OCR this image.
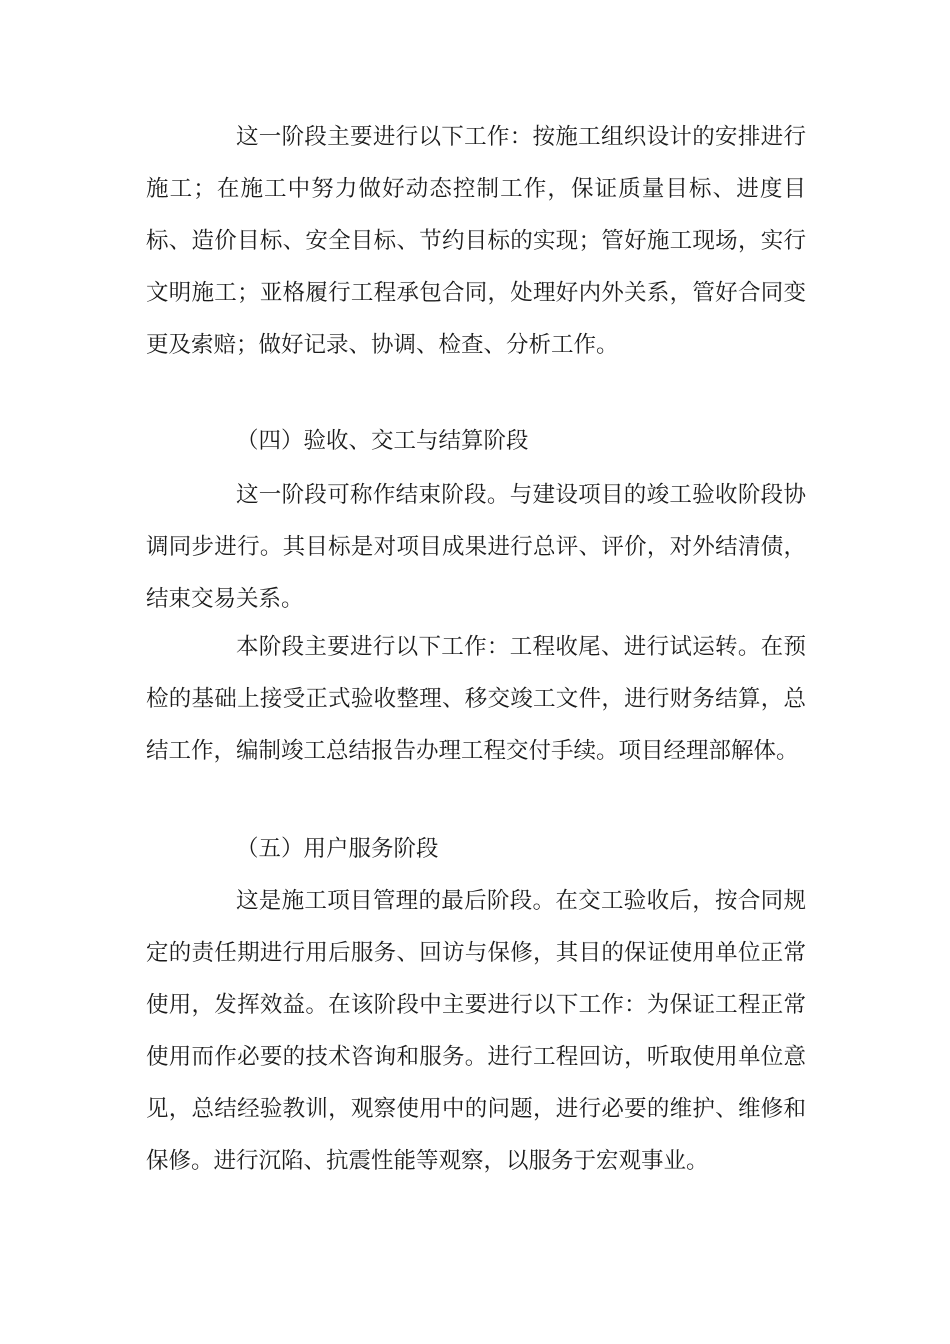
这一阶段主要进行以下工作：按施工组织设计的安排进行
施工；在施工中努力做好动态控制工作，保证质量目标、进度目
标、造价目标、安全目标、节约目标的实现；管好施工现场，实行
文明施工；亚格履行工程承包合同，处理好内外关系，管好合同变
更及索赔；做好记录、协调、检查、分析工作。
（四）验收、交工与结算阶段
这一阶段可称作结束阶段。与建设项目的竣工验收阶段协
调同步进行。其目标是对项目成果进行总评、评价，对外结清债，
结束交易关系。
本阶段主要进行以下工作：工程收尾、进行试运转。在预
检的基础上接受正式验收整理、移交竣工文件，进行财务结算，总
结工作，编制竣工总结报告办理工程交付手续。项目经理部解体。
（五）用户服务阶段
这是施工项目管理的最后阶段。在交工验收后，按合同规
定的责任期进行用后服务、回访与保修，其目的保证使用单位正常
使用，发挥效益。在该阶段中主要进行以下工作：为保证工程正常
使用而作必要的技术咨询和服务。进行工程回访，听取使用单位意
见，总结经验教训，观察使用中的问题，进行必要的维护、维修和
保修。进行沉陷、抗震性能等观察，以服务于宏观事业。
